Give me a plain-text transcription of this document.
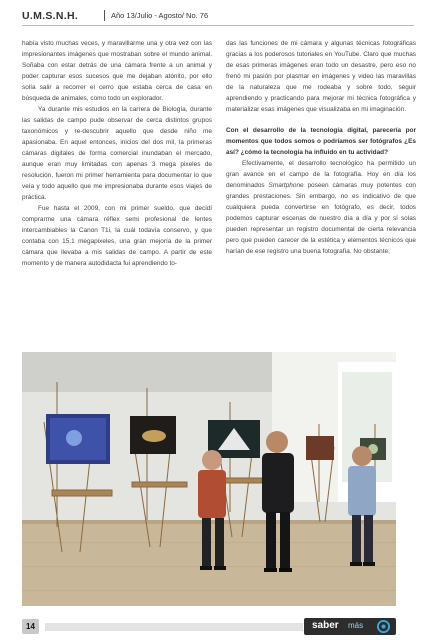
U.M.S.N.H.	Año 13/Julio - Agosto/ No. 76

había visto muchas veces, y maravillarme una y otra vez con las impresionantes imágenes que mostraban sobre el mundo animal. Soñaba con estar detrás de una cámara frente a un animal y poder capturar esos sucesos que me dejaban atónito, por ello solía salir a recorrer el cerro que estaba cerca de casa en búsqueda de animales, como todo un explorador.

Ya durante mis estudios en la carrera de Biología, durante las salidas de campo pude observar de cerca distintos grupos taxonómicos y re-descubrir aquello que desde niño me apasionaba. En aquel entonces, inicios del dos mil, la primeras cámaras digitales de forma comercial inundaban el mercado, aunque eran muy limitadas con apenas 3 mega pixeles de resolución, fueron mi primer herramienta para documentar lo que veía y todo aquello que me impresionaba durante esos viajes de práctica.

Fue hasta el 2009, con mi primer sueldo, que decidí comprarme una cámara réflex semi profesional de lentes intercambiables la Canon T1i, la cuál todavía conservo, y que contaba con 15.1 megapixeles, una gran mejoría de la primer cámara que llevaba a mis salidas de campo. A partir de este momento y de manera autodidacta fui aprendiendo to-

das las funciones de mi cámara y algunas técnicas fotográficas gracias a los poderosos tutoriales en YouTube. Claro que muchas de esas primeras imágenes eran todo un desastre, pero eso no frenó mi pasión por plasmar en imágenes y video las maravillas de la naturaleza que me rodeaba y sobre todo, seguir aprendiendo y practicando para mejorar mi técnica fotográfica y materializar esas imágenes que visualizaba en mi imaginación.

Con el desarrollo de la tecnología digital, parecería por momentos que todos somos o podríamos ser fotógrafos ¿Es así? ¿cómo la tecnología ha influido en tu actividad?

Efectivamente, el desarrollo tecnológico ha permitido un gran avance en el campo de la fotografía. Hoy en día los denominados Smartphone poseen cámaras muy potentes con grandes prestaciones. Sin embargo, no es indicativo de que cualquiera pueda convertirse en fotógrafo, es decir, todos podemos capturar escenas de nuestro día a día y por sí solas pueden representar un registro documental de cierta relevancia pero que pueden carecer de la estética y elementos técnicos que harían de ese registro una buena fotografía. No obstante,

14	saber más
